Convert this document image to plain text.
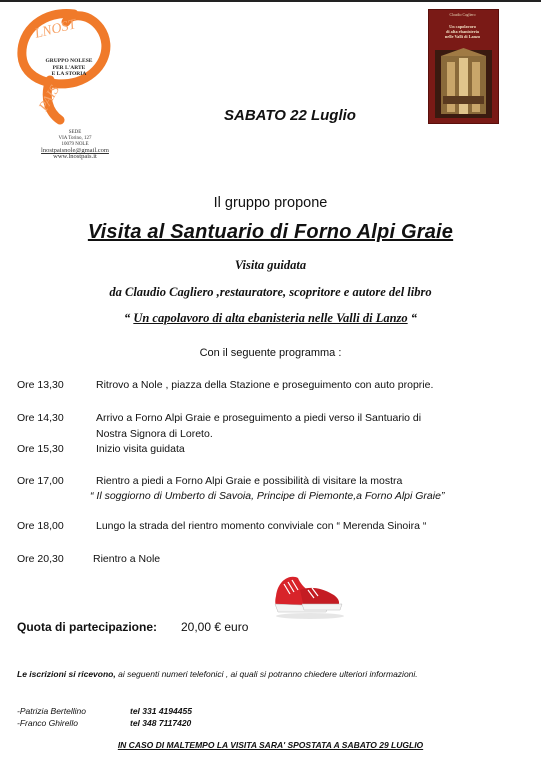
LNOST
PAIS
GRUPPO NOLESE
PER L'ARTE
E LA STORIA
SEDE
VIA Torino, 127
10079 NOLE
lnostpaisnole@gmail.com
www.lnostpais.it
Claudio Cagliero
Un capolavoro
di alta ebanisteria
nelle Valli di Lanzo
SABATO 22 Luglio
Il gruppo propone
Visita al Santuario di Forno Alpi Graie
Visita guidata
da Claudio Cagliero ,restauratore, scopritore e autore del libro
“ Un capolavoro di alta ebanisteria nelle Valli di Lanzo “
Con il seguente programma :
Ore 13,30	Ritrovo a Nole , piazza della Stazione e proseguimento con auto proprie.
Ore 14,30	Arrivo a Forno Alpi Graie e proseguimento a piedi verso il Santuario di
Nostra Signora di Loreto.
Ore 15,30	Inizio visita guidata
Ore 17,00	Rientro a piedi a Forno Alpi Graie e possibilità di visitare la mostra
“ Il soggiorno di Umberto di Savoia, Principe di Piemonte,a Forno Alpi Graie”
Ore 18,00	Lungo la strada del rientro momento conviviale con “ Merenda Sinoira “
Ore 20,30	Rientro a Nole
Quota di partecipazione: 20,00 € euro
Le iscrizioni si ricevono, ai seguenti numeri telefonici , ai quali si potranno chiedere ulteriori informazioni.
-Patrizia Bertellino	tel 331 4194455
-Franco Ghirello	tel 348 7117420
IN CASO DI MALTEMPO LA VISITA SARA' SPOSTATA A SABATO 29 LUGLIO
